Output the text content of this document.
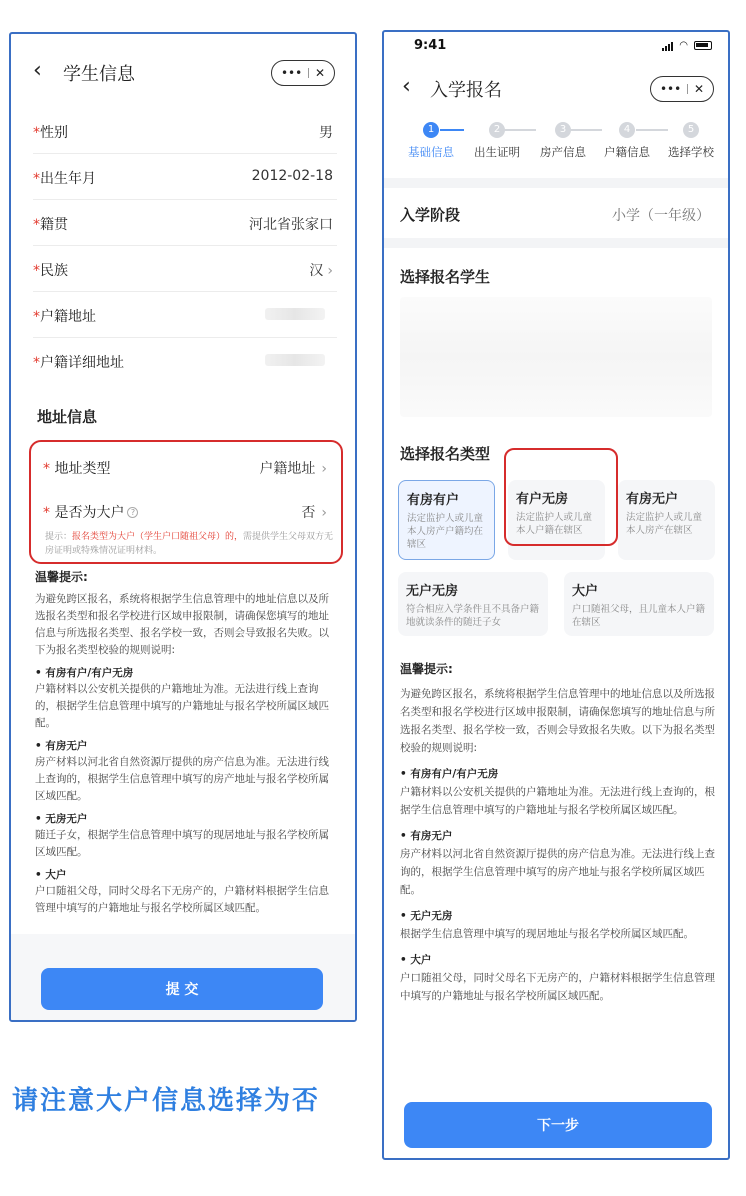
‹ 学生信息	••• ✕
*性别	男
*出生年月	2012-02-18
*籍贯	河北省张家口
*民族	汉 ›
*户籍地址
*户籍详细地址
地址信息
* 地址类型	户籍地址 ›
* 是否为大户 ?	否 ›
提示：报名类型为大户（学生户口随祖父母）的，需提供学生父母双方无房证明或特殊情况证明材料。
温馨提示:
为避免跨区报名，系统将根据学生信息管理中的地址信息以及所选报名类型和报名学校进行区域申报限制，请确保您填写的地址信息与所选报名类型、报名学校一致，否则会导致报名失败。以下为报名类型校验的规则说明:
• 有房有户/有户无房
户籍材料以公安机关提供的户籍地址为准。无法进行线上查询的，根据学生信息管理中填写的户籍地址与报名学校所属区域匹配。
• 有房无户
房产材料以河北省自然资源厅提供的房产信息为准。无法进行线上查询的，根据学生信息管理中填写的房产地址与报名学校所属区域匹配。
• 无房无户
随迁子女，根据学生信息管理中填写的现居地址与报名学校所属区域匹配。
• 大户
户口随祖父母，同时父母名下无房产的，户籍材料根据学生信息管理中填写的户籍地址与报名学校所属区域匹配。
提 交
9:41	◠
‹ 入学报名	••• ✕
1
基础信息
2
出生证明
3
房产信息
4
户籍信息
5
选择学校
入学阶段	小学（一年级）
选择报名学生
选择报名类型
有房有户
法定监护人或儿童本人房产户籍均在辖区
有户无房
法定监护人或儿童本人户籍在辖区
有房无户
法定监护人或儿童本人房产在辖区
无户无房
符合相应入学条件且不具备户籍地就读条件的随迁子女
大户
户口随祖父母，且儿童本人户籍在辖区
温馨提示:
为避免跨区报名，系统将根据学生信息管理中的地址信息以及所选报名类型和报名学校进行区域申报限制，请确保您填写的地址信息与所选报名类型、报名学校一致，否则会导致报名失败。以下为报名类型校验的规则说明:
• 有房有户/有户无房
户籍材料以公安机关提供的户籍地址为准。无法进行线上查询的，根据学生信息管理中填写的户籍地址与报名学校所属区域匹配。
• 有房无户
房产材料以河北省自然资源厅提供的房产信息为准。无法进行线上查询的，根据学生信息管理中填写的房产地址与报名学校所属区域匹配。
• 无户无房
根据学生信息管理中填写的现居地址与报名学校所属区域匹配。
• 大户
户口随祖父母，同时父母名下无房产的，户籍材料根据学生信息管理中填写的户籍地址与报名学校所属区域匹配。
下一步
请注意大户信息选择为否
